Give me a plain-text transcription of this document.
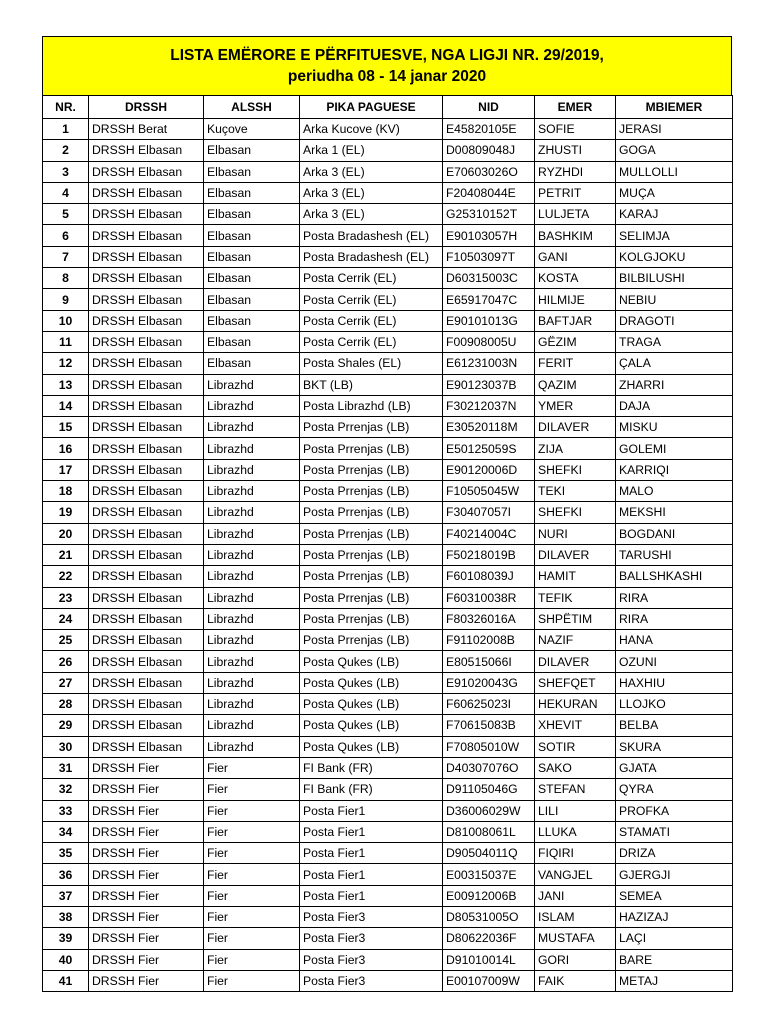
LISTA EMËRORE E PËRFITUESVE, NGA LIGJI NR. 29/2019,
periudha 08 - 14 janar 2020
NR.	DRSSH	ALSSH	PIKA PAGUESE	NID	EMER	MBIEMER
1	DRSSH Berat	Kuçove	Arka Kucove (KV)	E45820105E	SOFIE	JERASI
2	DRSSH Elbasan	Elbasan	Arka 1 (EL)	D00809048J	ZHUSTI	GOGA
3	DRSSH Elbasan	Elbasan	Arka 3 (EL)	E70603026O	RYZHDI	MULLOLLI
4	DRSSH Elbasan	Elbasan	Arka 3 (EL)	F20408044E	PETRIT	MUÇA
5	DRSSH Elbasan	Elbasan	Arka 3 (EL)	G25310152T	LULJETA	KARAJ
6	DRSSH Elbasan	Elbasan	Posta Bradashesh (EL)	E90103057H	BASHKIM	SELIMJA
7	DRSSH Elbasan	Elbasan	Posta Bradashesh (EL)	F10503097T	GANI	KOLGJOKU
8	DRSSH Elbasan	Elbasan	Posta Cerrik (EL)	D60315003C	KOSTA	BILBILUSHI
9	DRSSH Elbasan	Elbasan	Posta Cerrik (EL)	E65917047C	HILMIJE	NEBIU
10	DRSSH Elbasan	Elbasan	Posta Cerrik (EL)	E90101013G	BAFTJAR	DRAGOTI
11	DRSSH Elbasan	Elbasan	Posta Cerrik (EL)	F00908005U	GËZIM	TRAGA
12	DRSSH Elbasan	Elbasan	Posta Shales (EL)	E61231003N	FERIT	ÇALA
13	DRSSH Elbasan	Librazhd	BKT (LB)	E90123037B	QAZIM	ZHARRI
14	DRSSH Elbasan	Librazhd	Posta Librazhd (LB)	F30212037N	YMER	DAJA
15	DRSSH Elbasan	Librazhd	Posta Prrenjas (LB)	E30520118M	DILAVER	MISKU
16	DRSSH Elbasan	Librazhd	Posta Prrenjas (LB)	E50125059S	ZIJA	GOLEMI
17	DRSSH Elbasan	Librazhd	Posta Prrenjas (LB)	E90120006D	SHEFKI	KARRIQI
18	DRSSH Elbasan	Librazhd	Posta Prrenjas (LB)	F10505045W	TEKI	MALO
19	DRSSH Elbasan	Librazhd	Posta Prrenjas (LB)	F30407057I	SHEFKI	MEKSHI
20	DRSSH Elbasan	Librazhd	Posta Prrenjas (LB)	F40214004C	NURI	BOGDANI
21	DRSSH Elbasan	Librazhd	Posta Prrenjas (LB)	F50218019B	DILAVER	TARUSHI
22	DRSSH Elbasan	Librazhd	Posta Prrenjas (LB)	F60108039J	HAMIT	BALLSHKASHI
23	DRSSH Elbasan	Librazhd	Posta Prrenjas (LB)	F60310038R	TEFIK	RIRA
24	DRSSH Elbasan	Librazhd	Posta Prrenjas (LB)	F80326016A	SHPËTIM	RIRA
25	DRSSH Elbasan	Librazhd	Posta Prrenjas (LB)	F91102008B	NAZIF	HANA
26	DRSSH Elbasan	Librazhd	Posta Qukes (LB)	E80515066I	DILAVER	OZUNI
27	DRSSH Elbasan	Librazhd	Posta Qukes (LB)	E91020043G	SHEFQET	HAXHIU
28	DRSSH Elbasan	Librazhd	Posta Qukes (LB)	F60625023I	HEKURAN	LLOJKO
29	DRSSH Elbasan	Librazhd	Posta Qukes (LB)	F70615083B	XHEVIT	BELBA
30	DRSSH Elbasan	Librazhd	Posta Qukes (LB)	F70805010W	SOTIR	SKURA
31	DRSSH Fier	Fier	FI Bank (FR)	D40307076O	SAKO	GJATA
32	DRSSH Fier	Fier	FI Bank (FR)	D91105046G	STEFAN	QYRA
33	DRSSH Fier	Fier	Posta Fier1	D36006029W	LILI	PROFKA
34	DRSSH Fier	Fier	Posta Fier1	D81008061L	LLUKA	STAMATI
35	DRSSH Fier	Fier	Posta Fier1	D90504011Q	FIQIRI	DRIZA
36	DRSSH Fier	Fier	Posta Fier1	E00315037E	VANGJEL	GJERGJI
37	DRSSH Fier	Fier	Posta Fier1	E00912006B	JANI	SEMEA
38	DRSSH Fier	Fier	Posta Fier3	D80531005O	ISLAM	HAZIZAJ
39	DRSSH Fier	Fier	Posta Fier3	D80622036F	MUSTAFA	LAÇI
40	DRSSH Fier	Fier	Posta Fier3	D91010014L	GORI	BARE
41	DRSSH Fier	Fier	Posta Fier3	E00107009W	FAIK	METAJ
